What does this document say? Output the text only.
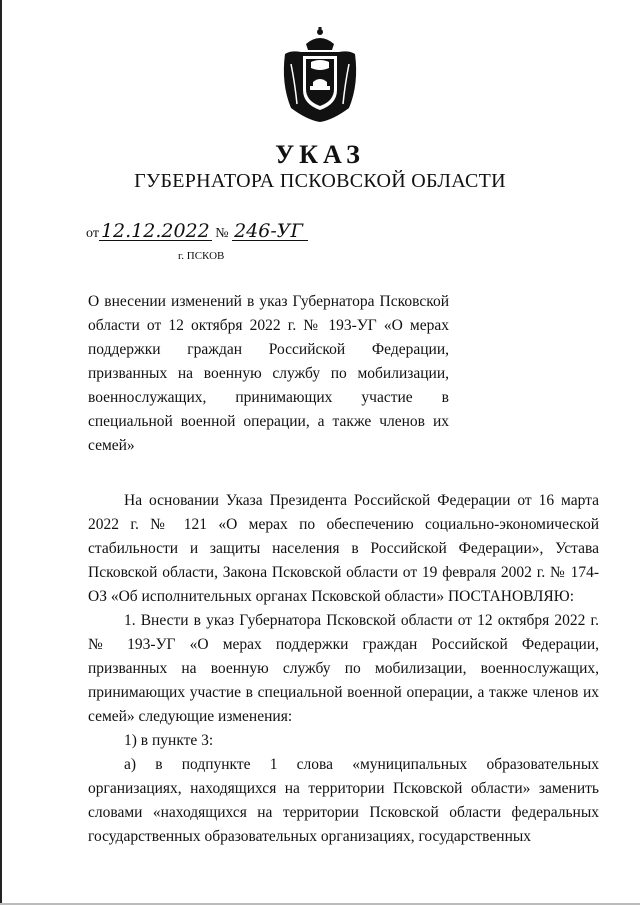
УКАЗ
ГУБЕРНАТОРА ПСКОВСКОЙ ОБЛАСТИ
от 12.12.2022 № 246-УГ
г. ПСКОВ
О внесении изменений в указ Губернатора Псковской области от 12 октября 2022 г. № 193-УГ «О мерах поддержки граждан Российской Федерации, призванных на военную службу по мобилизации, военнослужащих, принимающих участие в специальной военной операции, а также членов их семей»

На основании Указа Президента Российской Федерации от 16 марта 2022 г. № 121 «О мерах по обеспечению социально-экономической стабильности и защиты населения в Российской Федерации», Устава Псковской области, Закона Псковской области от 19 февраля 2002 г. № 174-ОЗ «Об исполнительных органах Псковской области» ПОСТАНОВЛЯЮ:

1. Внести в указ Губернатора Псковской области от 12 октября 2022 г. № 193-УГ «О мерах поддержки граждан Российской Федерации, призванных на военную службу по мобилизации, военнослужащих, принимающих участие в специальной военной операции, а также членов их семей» следующие изменения:

1) в пункте 3:

а) в подпункте 1 слова «муниципальных образовательных организациях, находящихся на территории Псковской области» заменить словами «находящихся на территории Псковской области федеральных государственных образовательных организациях, государственных
